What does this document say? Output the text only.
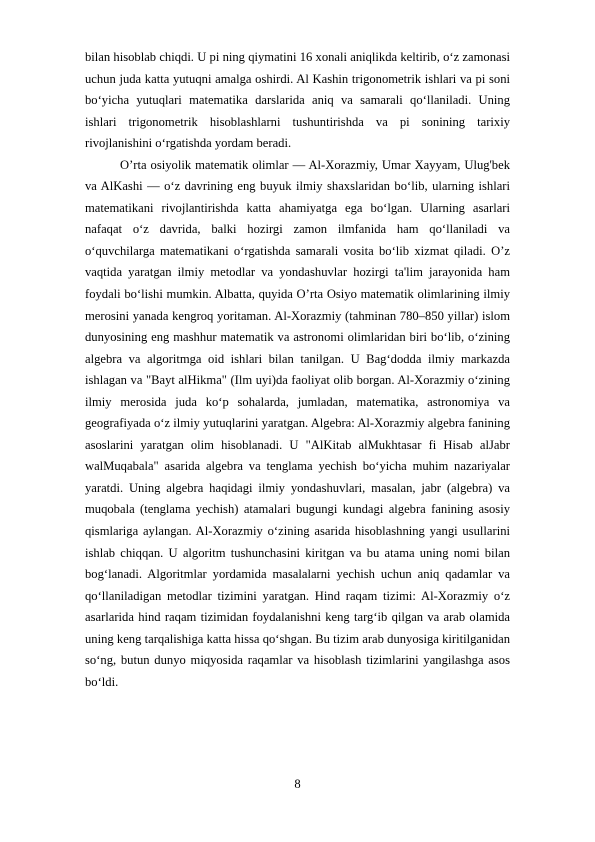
bilan hisoblab chiqdi. U pi ning qiymatini 16 xonali aniqlikda keltirib, o‘z zamonasi uchun juda katta yutuqni amalga oshirdi. Al Kashin trigonometrik ishlari va pi soni bo‘yicha yutuqlari matematika darslarida aniq va samarali qo‘llaniladi. Uning ishlari trigonometrik hisoblashlarni tushuntirishda va pi sonining tarixiy rivojlanishini o‘rgatishda yordam beradi.

O’rta osiyolik matematik olimlar — Al-Xorazmiy, Umar Xayyam, Ulug'bek va AlKashi — o‘z davrining eng buyuk ilmiy shaxslaridan bo‘lib, ularning ishlari matematikani rivojlantirishda katta ahamiyatga ega bo‘lgan. Ularning asarlari nafaqat o‘z davrida, balki hozirgi zamon ilmfanida ham qo‘llaniladi va o‘quvchilarga matematikani o‘rgatishda samarali vosita bo‘lib xizmat qiladi. O’z vaqtida yaratgan ilmiy metodlar va yondashuvlar hozirgi ta'lim jarayonida ham foydali bo‘lishi mumkin. Albatta, quyida O’rta Osiyo matematik olimlarining ilmiy merosini yanada kengroq yoritaman. Al-Xorazmiy (tahminan 780–850 yillar) islom dunyosining eng mashhur matematik va astronomi olimlaridan biri bo‘lib, o‘zining algebra va algoritmga oid ishlari bilan tanilgan. U Bag‘dodda ilmiy markazda ishlagan va "Bayt alHikma" (Ilm uyi)da faoliyat olib borgan. Al-Xorazmiy o‘zining ilmiy merosida juda ko‘p sohalarda, jumladan, matematika, astronomiya va geografiyada o‘z ilmiy yutuqlarini yaratgan. Algebra: Al-Xorazmiy algebra fanining asoslarini yaratgan olim hisoblanadi. U "AlKitab alMukhtasar fi Hisab alJabr walMuqabala" asarida algebra va tenglama yechish bo‘yicha muhim nazariyalar yaratdi. Uning algebra haqidagi ilmiy yondashuvlari, masalan, jabr (algebra) va muqobala (tenglama yechish) atamalari bugungi kundagi algebra fanining asosiy qismlariga aylangan. Al-Xorazmiy o‘zining asarida hisoblashning yangi usullarini ishlab chiqqan. U algoritm tushunchasini kiritgan va bu atama uning nomi bilan bog‘lanadi. Algoritmlar yordamida masalalarni yechish uchun aniq qadamlar va qo‘llaniladigan metodlar tizimini yaratgan. Hind raqam tizimi: Al-Xorazmiy o‘z asarlarida hind raqam tizimidan foydalanishni keng targ‘ib qilgan va arab olamida uning keng tarqalishiga katta hissa qo‘shgan. Bu tizim arab dunyosiga kiritilganidan so‘ng, butun dunyo miqyosida raqamlar va hisoblash tizimlarini yangilashga asos bo‘ldi.

8
